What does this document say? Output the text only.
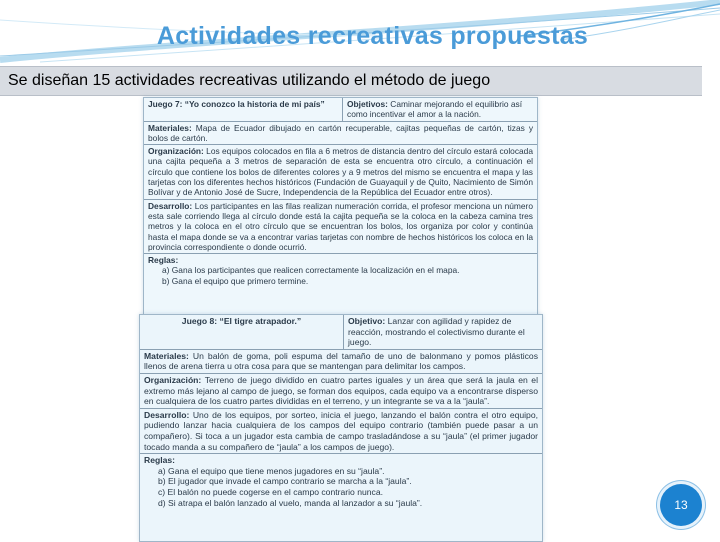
Actividades recreativas propuestas
Se diseñan 15 actividades recreativas utilizando el método de juego
Juego 7: “Yo conozco la historia de mi país”	Objetivos: Caminar mejorando el equilibrio así como incentivar el amor a la nación.
Materiales: Mapa de Ecuador dibujado en cartón recuperable, cajitas pequeñas de cartón, tizas y bolos de cartón.
Organización: Los equipos colocados en fila a 6 metros de distancia dentro del círculo estará colocada una cajita pequeña a 3 metros de separación de esta se encuentra otro círculo, a continuación el círculo que contiene los bolos de diferentes colores y a 9 metros del mismo se encuentra el mapa y las tarjetas con los diferentes hechos históricos (Fundación de Guayaquil y de Quito, Nacimiento de Simón Bolívar y de Antonio José de Sucre, Independencia de la República del Ecuador entre otros).
Desarrollo: Los participantes en las filas realizan numeración corrida, el profesor menciona un número esta sale corriendo llega al círculo donde está la cajita pequeña se la coloca en la cabeza camina tres metros y la coloca en el otro círculo que se encuentran los bolos, los organiza por color y continúa hasta el mapa donde se va a encontrar varias tarjetas con nombre de hechos históricos los coloca en la provincia correspondiente o donde ocurrió.
Reglas:
a) Gana los participantes que realicen correctamente la localización en el mapa.
b) Gana el equipo que primero termine.
Juego 8: “El tigre atrapador.”	Objetivo: Lanzar con agilidad y rapidez de reacción, mostrando el colectivismo durante el juego.
Materiales: Un balón de goma, poli espuma del tamaño de uno de balonmano y pomos plásticos llenos de arena tierra u otra cosa para que se mantengan para delimitar los campos.
Organización: Terreno de juego dividido en cuatro partes iguales y un área que será la jaula en el extremo más lejano al campo de juego, se forman dos equipos, cada equipo va a encontrarse disperso en cualquiera de los cuatro partes divididas en el terreno, y un integrante se va a la “jaula”.
Desarrollo: Uno de los equipos, por sorteo, inicia el juego, lanzando el balón contra el otro equipo, pudiendo lanzar hacia cualquiera de los campos del equipo contrario (también puede pasar a un compañero). Si toca a un jugador esta cambia de campo trasladándose a su “jaula” (el primer jugador tocado manda a su compañero de “jaula” a los campos de juego).
Reglas:
a) Gana el equipo que tiene menos jugadores en su “jaula”.
b) El jugador que invade el campo contrario se marcha a la “jaula”.
c) El balón no puede cogerse en el campo contrario nunca.
d) Si atrapa el balón lanzado al vuelo, manda al lanzador a su “jaula”.	13
